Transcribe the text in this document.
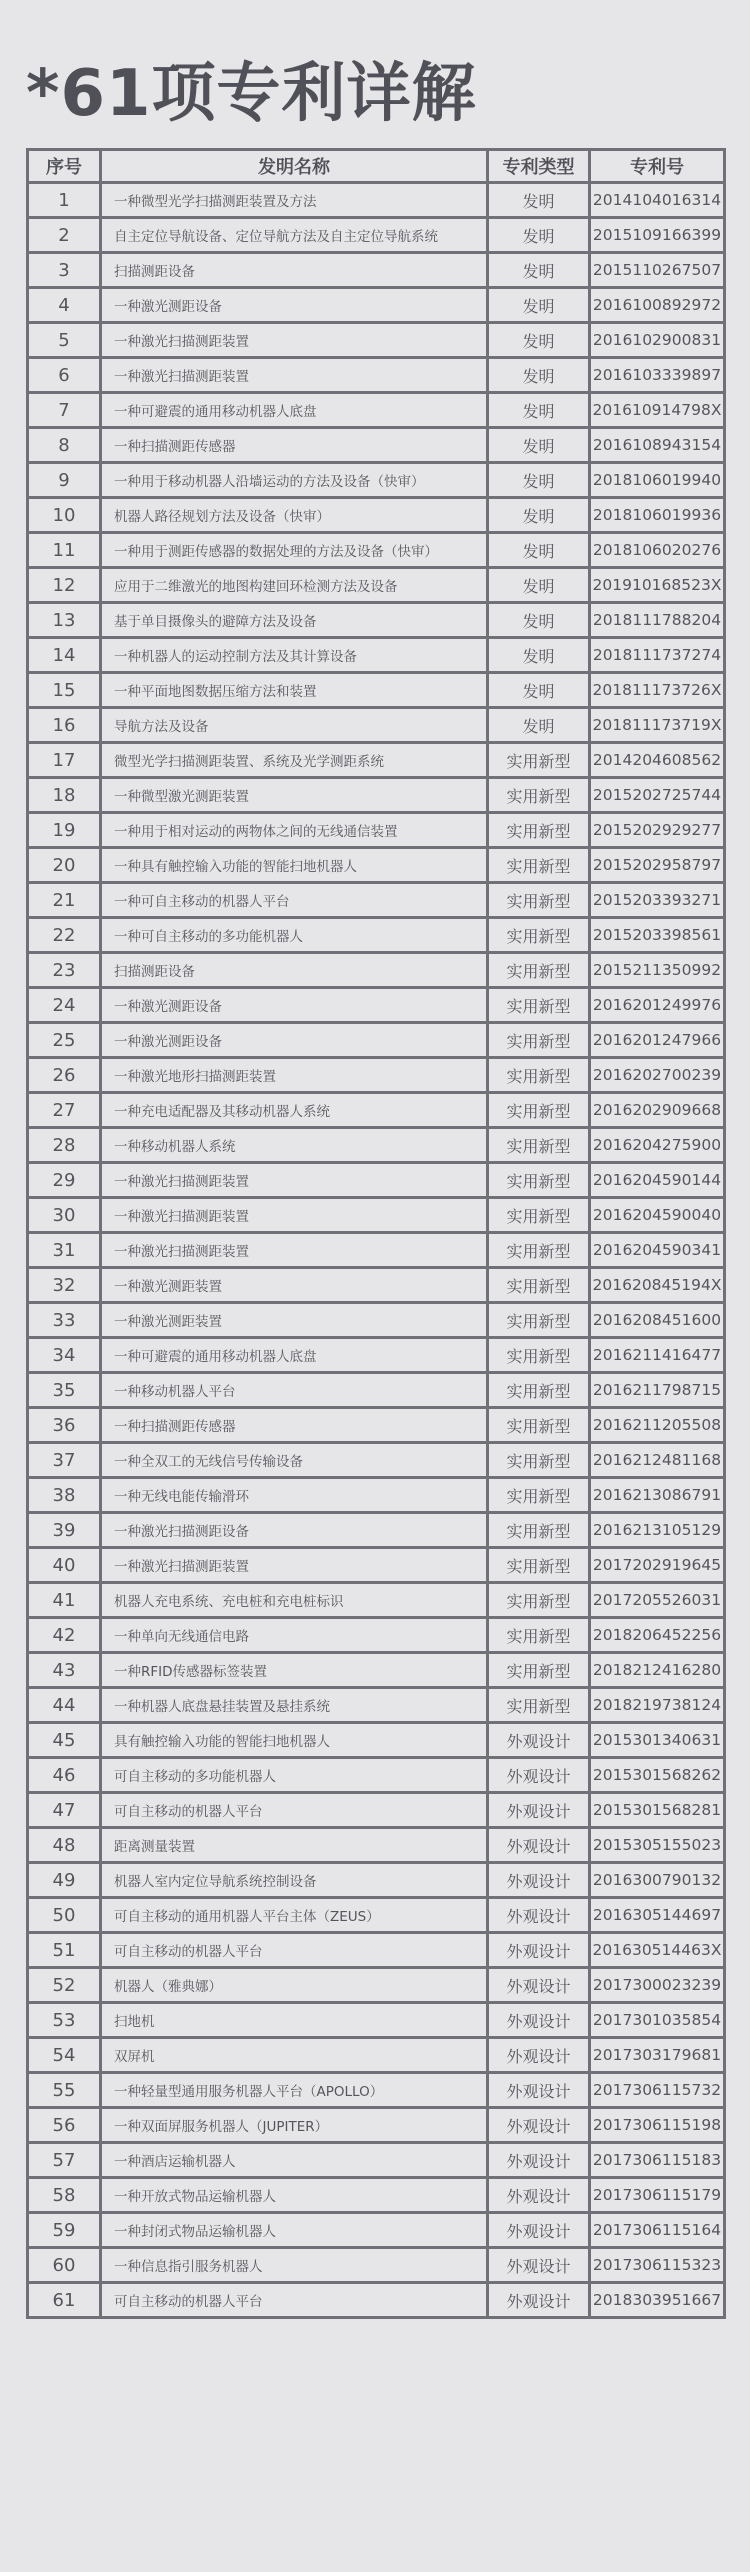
*61项专利详解
序号	发明名称	专利类型	专利号
1	一种微型光学扫描测距装置及方法	发明	2014104016314
2	自主定位导航设备、定位导航方法及自主定位导航系统	发明	2015109166399
3	扫描测距设备	发明	2015110267507
4	一种激光测距设备	发明	2016100892972
5	一种激光扫描测距装置	发明	2016102900831
6	一种激光扫描测距装置	发明	2016103339897
7	一种可避震的通用移动机器人底盘	发明	201610914798X
8	一种扫描测距传感器	发明	2016108943154
9	一种用于移动机器人沿墙运动的方法及设备（快审）	发明	2018106019940
10	机器人路径规划方法及设备（快审）	发明	2018106019936
11	一种用于测距传感器的数据处理的方法及设备（快审）	发明	2018106020276
12	应用于二维激光的地图构建回环检测方法及设备	发明	201910168523X
13	基于单目摄像头的避障方法及设备	发明	2018111788204
14	一种机器人的运动控制方法及其计算设备	发明	2018111737274
15	一种平面地图数据压缩方法和装置	发明	201811173726X
16	导航方法及设备	发明	201811173719X
17	微型光学扫描测距装置、系统及光学测距系统	实用新型	2014204608562
18	一种微型激光测距装置	实用新型	2015202725744
19	一种用于相对运动的两物体之间的无线通信装置	实用新型	2015202929277
20	一种具有触控输入功能的智能扫地机器人	实用新型	2015202958797
21	一种可自主移动的机器人平台	实用新型	2015203393271
22	一种可自主移动的多功能机器人	实用新型	2015203398561
23	扫描测距设备	实用新型	2015211350992
24	一种激光测距设备	实用新型	2016201249976
25	一种激光测距设备	实用新型	2016201247966
26	一种激光地形扫描测距装置	实用新型	2016202700239
27	一种充电适配器及其移动机器人系统	实用新型	2016202909668
28	一种移动机器人系统	实用新型	2016204275900
29	一种激光扫描测距装置	实用新型	2016204590144
30	一种激光扫描测距装置	实用新型	2016204590040
31	一种激光扫描测距装置	实用新型	2016204590341
32	一种激光测距装置	实用新型	201620845194X
33	一种激光测距装置	实用新型	2016208451600
34	一种可避震的通用移动机器人底盘	实用新型	2016211416477
35	一种移动机器人平台	实用新型	2016211798715
36	一种扫描测距传感器	实用新型	2016211205508
37	一种全双工的无线信号传输设备	实用新型	2016212481168
38	一种无线电能传输滑环	实用新型	2016213086791
39	一种激光扫描测距设备	实用新型	2016213105129
40	一种激光扫描测距装置	实用新型	2017202919645
41	机器人充电系统、充电桩和充电桩标识	实用新型	2017205526031
42	一种单向无线通信电路	实用新型	2018206452256
43	一种RFID传感器标签装置	实用新型	2018212416280
44	一种机器人底盘悬挂装置及悬挂系统	实用新型	2018219738124
45	具有触控输入功能的智能扫地机器人	外观设计	2015301340631
46	可自主移动的多功能机器人	外观设计	2015301568262
47	可自主移动的机器人平台	外观设计	2015301568281
48	距离测量装置	外观设计	2015305155023
49	机器人室内定位导航系统控制设备	外观设计	2016300790132
50	可自主移动的通用机器人平台主体（ZEUS）	外观设计	2016305144697
51	可自主移动的机器人平台	外观设计	201630514463X
52	机器人（雅典娜）	外观设计	2017300023239
53	扫地机	外观设计	2017301035854
54	双屏机	外观设计	2017303179681
55	一种轻量型通用服务机器人平台（APOLLO）	外观设计	2017306115732
56	一种双面屏服务机器人（JUPITER）	外观设计	2017306115198
57	一种酒店运输机器人	外观设计	2017306115183
58	一种开放式物品运输机器人	外观设计	2017306115179
59	一种封闭式物品运输机器人	外观设计	2017306115164
60	一种信息指引服务机器人	外观设计	2017306115323
61	可自主移动的机器人平台	外观设计	2018303951667
